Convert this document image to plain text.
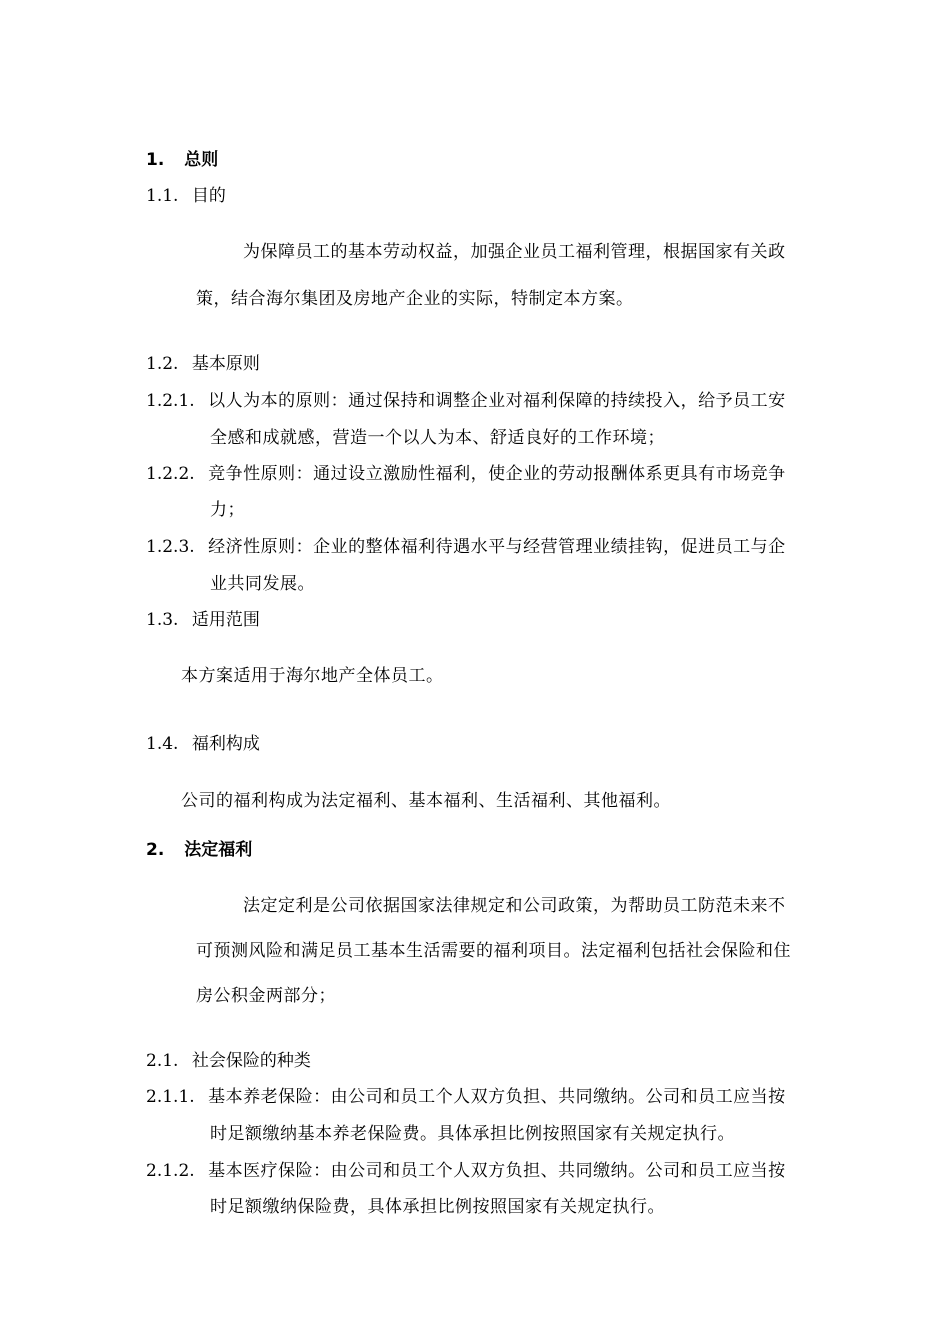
1. 总则
1.1. 目的
为保障员工的基本劳动权益，加强企业员工福利管理，根据国家有关政
策，结合海尔集团及房地产企业的实际，特制定本方案。
1.2. 基本原则
1.2.1. 以人为本的原则：通过保持和调整企业对福利保障的持续投入，给予员工安
全感和成就感，营造一个以人为本、舒适良好的工作环境；
1.2.2. 竞争性原则：通过设立激励性福利，使企业的劳动报酬体系更具有市场竞争
力；
1.2.3. 经济性原则：企业的整体福利待遇水平与经营管理业绩挂钩，促进员工与企
业共同发展。
1.3. 适用范围
本方案适用于海尔地产全体员工。
1.4. 福利构成
公司的福利构成为法定福利、基本福利、生活福利、其他福利。
2. 法定福利
法定定利是公司依据国家法律规定和公司政策，为帮助员工防范未来不
可预测风险和满足员工基本生活需要的福利项目。法定福利包括社会保险和住
房公积金两部分；
2.1. 社会保险的种类
2.1.1. 基本养老保险：由公司和员工个人双方负担、共同缴纳。公司和员工应当按
时足额缴纳基本养老保险费。具体承担比例按照国家有关规定执行。
2.1.2. 基本医疗保险：由公司和员工个人双方负担、共同缴纳。公司和员工应当按
时足额缴纳保险费，具体承担比例按照国家有关规定执行。
